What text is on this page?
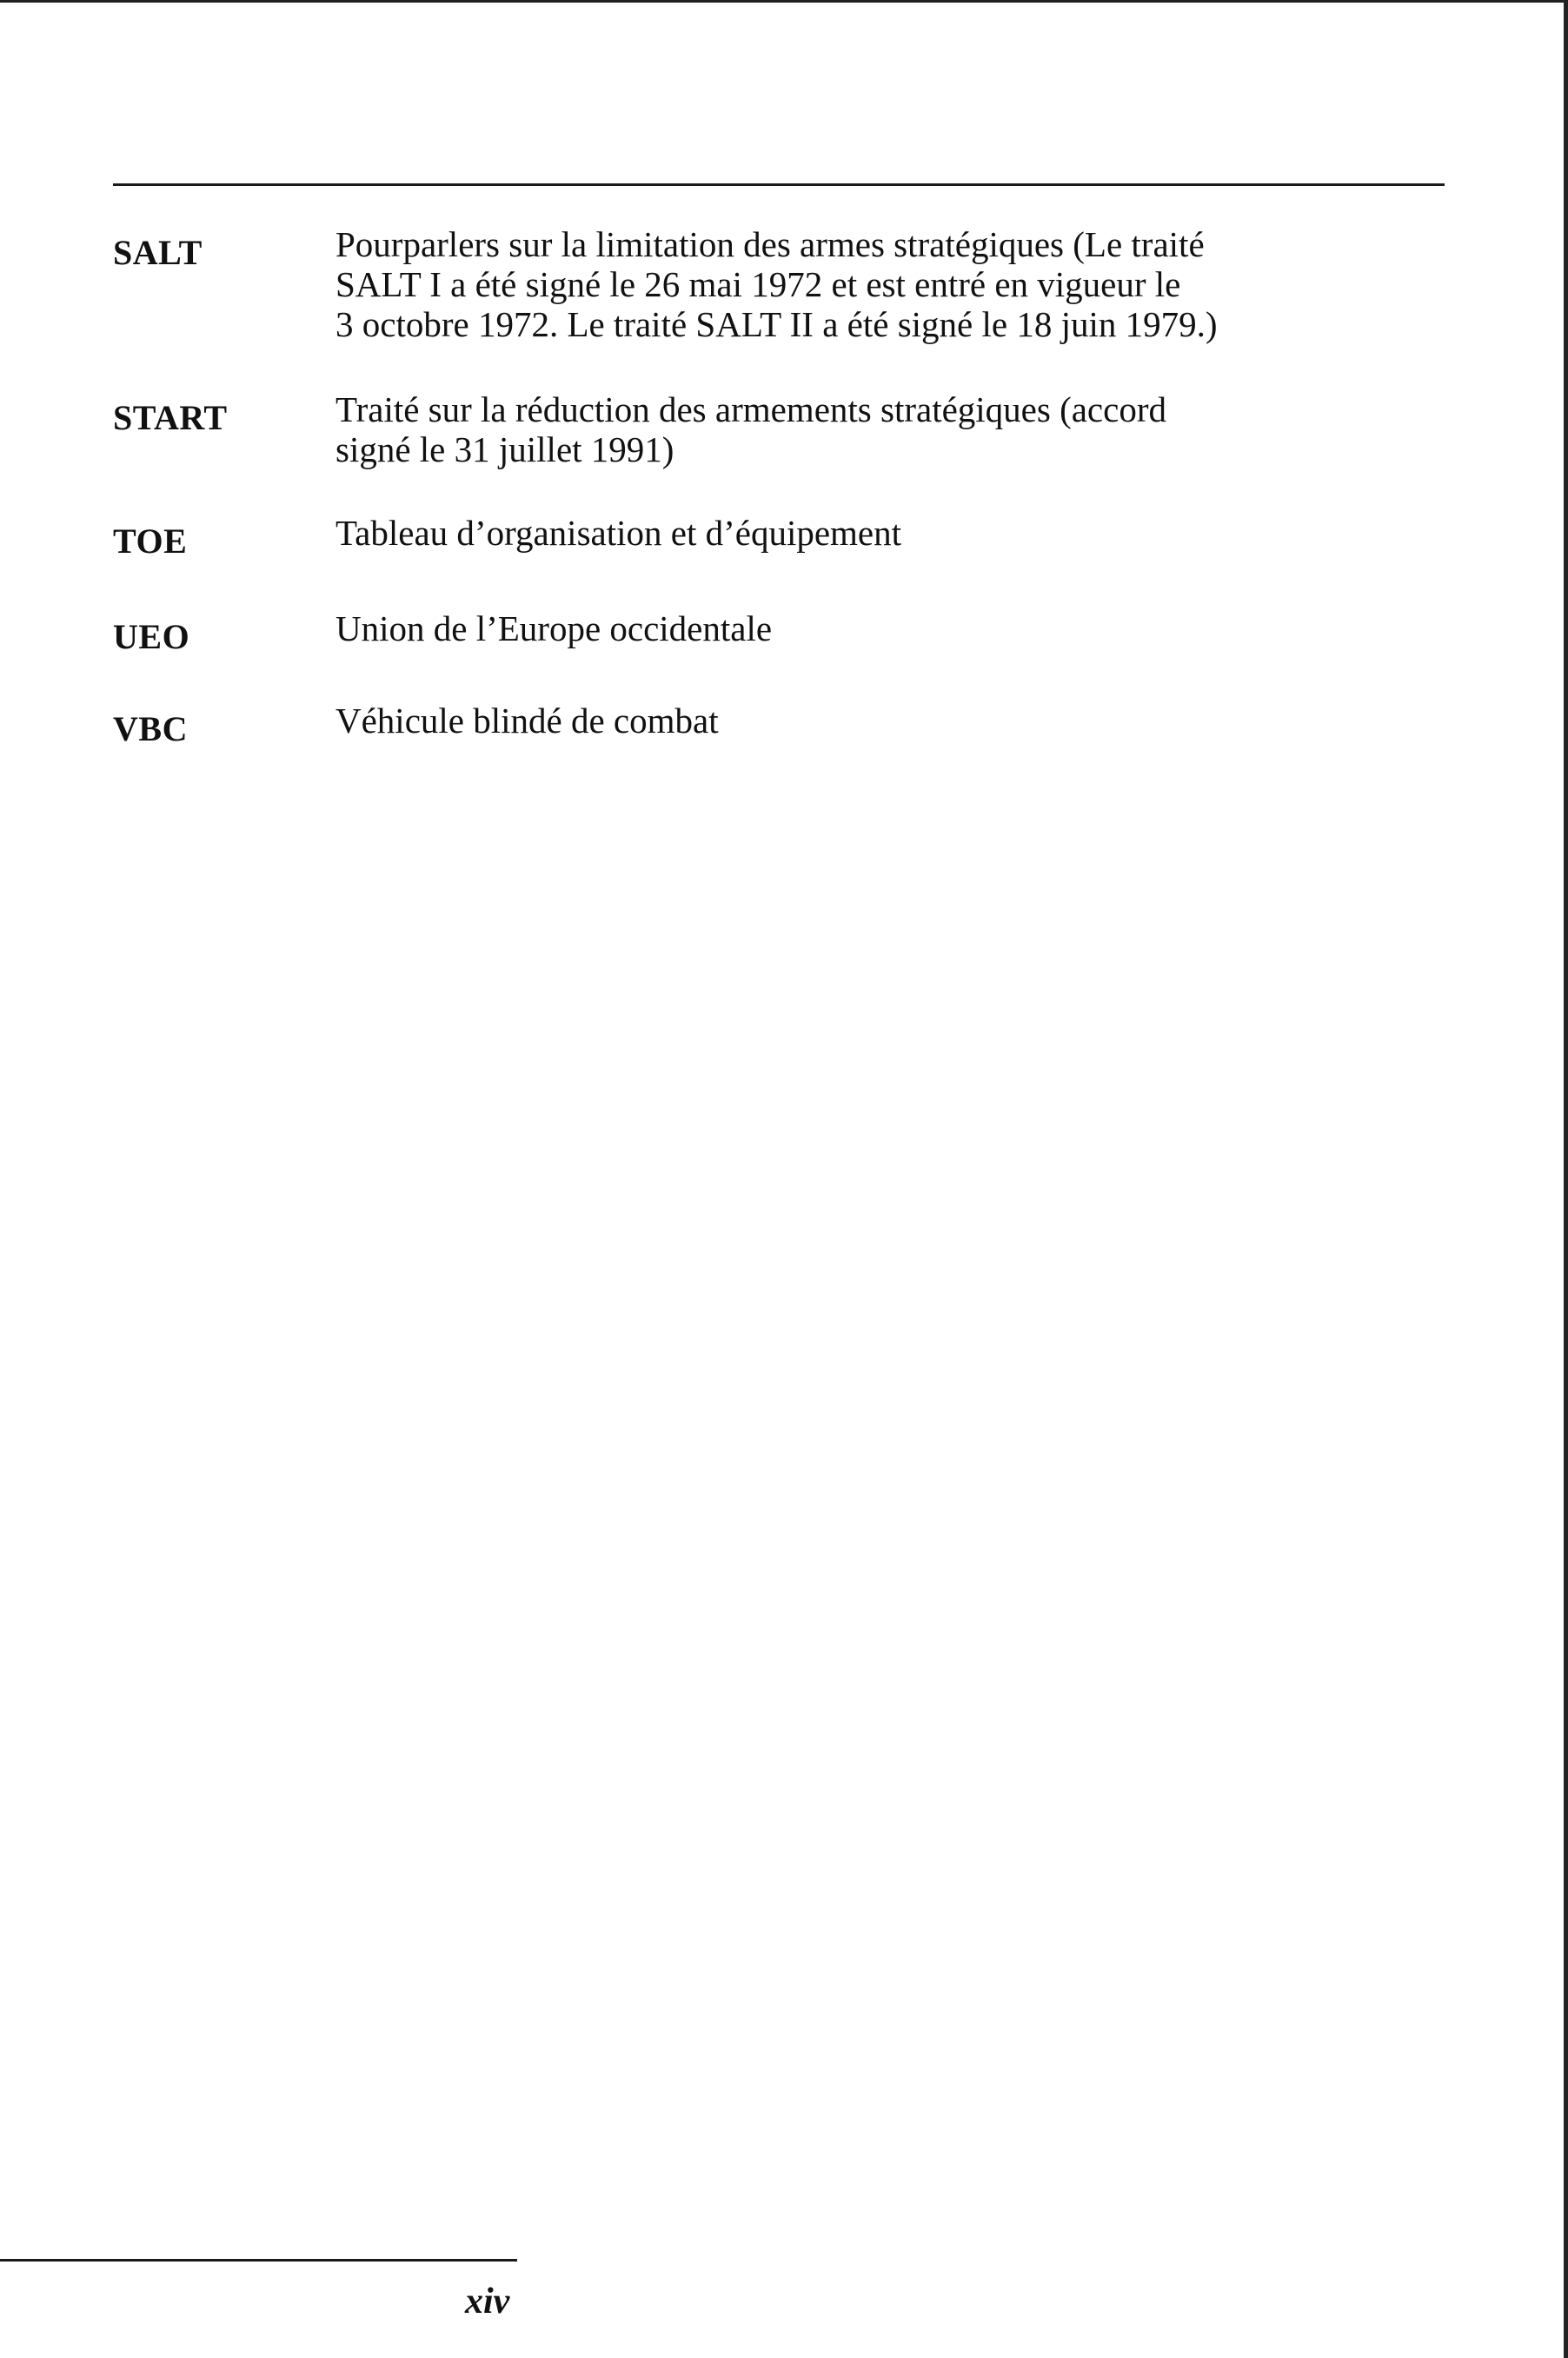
SALT	Pourparlers sur la limitation des armes stratégiques (Le traité
SALT I a été signé le 26 mai 1972 et est entré en vigueur le
3 octobre 1972. Le traité SALT II a été signé le 18 juin 1979.)
START	Traité sur la réduction des armements stratégiques (accord
signé le 31 juillet 1991)
TOE	Tableau d’organisation et d’équipement
UEO	Union de l’Europe occidentale
VBC	Véhicule blindé de combat
xiv
